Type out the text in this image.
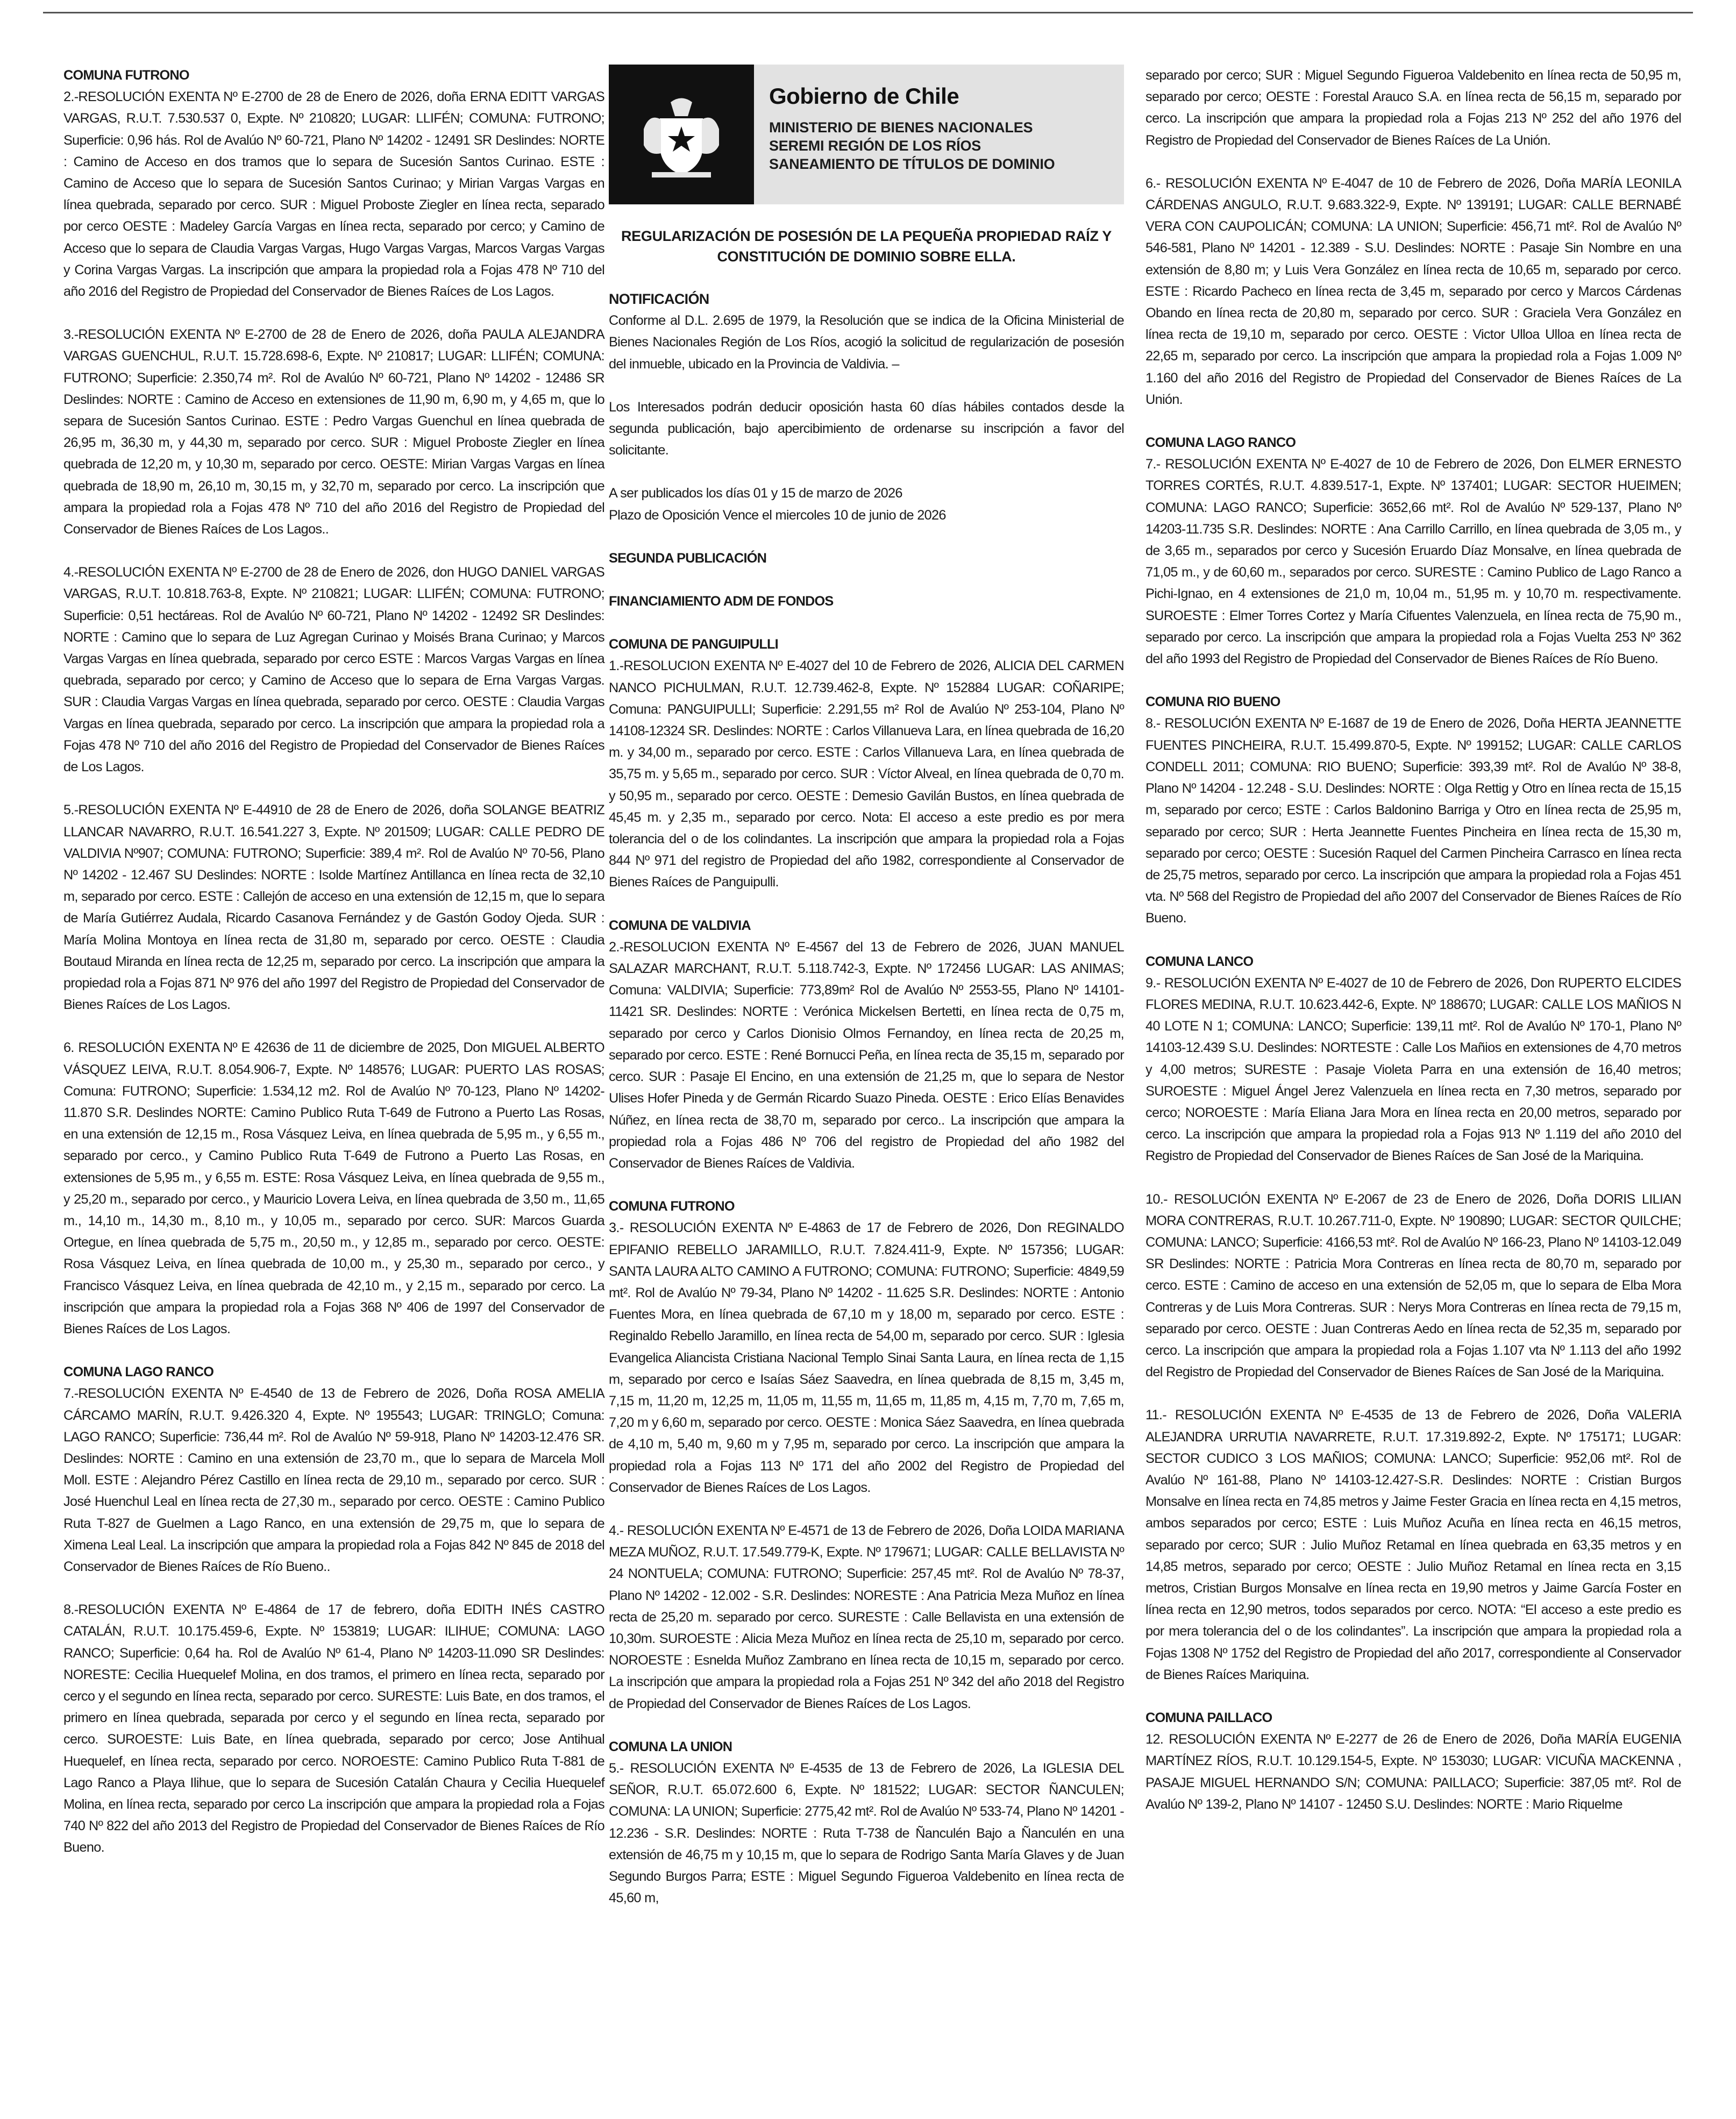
COMUNA FUTRONO

2.-RESOLUCIÓN EXENTA Nº E-2700 de 28 de Enero de 2026, doña ERNA EDITT VARGAS VARGAS, R.U.T. 7.530.537 0, Expte. Nº 210820; LUGAR: LLIFÉN; COMUNA: FUTRONO; Superficie: 0,96 hás. Rol de Avalúo Nº 60-721, Plano Nº 14202 - 12491 SR Deslindes: NORTE : Camino de Acceso en dos tramos que lo separa de Sucesión Santos Curinao. ESTE : Camino de Acceso que lo separa de Sucesión Santos Curinao; y Mirian Vargas Vargas en línea quebrada, separado por cerco. SUR : Miguel Proboste Ziegler en línea recta, separado por cerco OESTE : Madeley García Vargas en línea recta, separado por cerco; y Camino de Acceso que lo separa de Claudia Vargas Vargas, Hugo Vargas Vargas, Marcos Vargas Vargas y Corina Vargas Vargas. La inscripción que ampara la propiedad rola a Fojas 478 Nº 710 del año 2016 del Registro de Propiedad del Conservador de Bienes Raíces de Los Lagos.

3.-RESOLUCIÓN EXENTA Nº E-2700 de 28 de Enero de 2026, doña PAULA ALEJANDRA VARGAS GUENCHUL, R.U.T. 15.728.698-6, Expte. Nº 210817; LUGAR: LLIFÉN; COMUNA: FUTRONO; Superficie: 2.350,74 m². Rol de Avalúo Nº 60-721, Plano Nº 14202 - 12486 SR Deslindes: NORTE : Camino de Acceso en extensiones de 11,90 m, 6,90 m, y 4,65 m, que lo separa de Sucesión Santos Curinao. ESTE : Pedro Vargas Guenchul en línea quebrada de 26,95 m, 36,30 m, y 44,30 m, separado por cerco. SUR : Miguel Proboste Ziegler en línea quebrada de 12,20 m, y 10,30 m, separado por cerco. OESTE: Mirian Vargas Vargas en línea quebrada de 18,90 m, 26,10 m, 30,15 m, y 32,70 m, separado por cerco. La inscripción que ampara la propiedad rola a Fojas 478 Nº 710 del año 2016 del Registro de Propiedad del Conservador de Bienes Raíces de Los Lagos..

4.-RESOLUCIÓN EXENTA Nº E-2700 de 28 de Enero de 2026, don HUGO DANIEL VARGAS VARGAS, R.U.T. 10.818.763-8, Expte. Nº 210821; LUGAR: LLIFÉN; COMUNA: FUTRONO; Superficie: 0,51 hectáreas. Rol de Avalúo Nº 60-721, Plano Nº 14202 - 12492 SR Deslindes: NORTE : Camino que lo separa de Luz Agregan Curinao y Moisés Brana Curinao; y Marcos Vargas Vargas en línea quebrada, separado por cerco ESTE : Marcos Vargas Vargas en línea quebrada, separado por cerco; y Camino de Acceso que lo separa de Erna Vargas Vargas. SUR : Claudia Vargas Vargas en línea quebrada, separado por cerco. OESTE : Claudia Vargas Vargas en línea quebrada, separado por cerco. La inscripción que ampara la propiedad rola a Fojas 478 Nº 710 del año 2016 del Registro de Propiedad del Conservador de Bienes Raíces de Los Lagos.

5.-RESOLUCIÓN EXENTA Nº E-44910 de 28 de Enero de 2026, doña SOLANGE BEATRIZ LLANCAR NAVARRO, R.U.T. 16.541.227 3, Expte. Nº 201509; LUGAR: CALLE PEDRO DE VALDIVIA Nº907; COMUNA: FUTRONO; Superficie: 389,4 m². Rol de Avalúo Nº 70-56, Plano Nº 14202 - 12.467 SU Deslindes: NORTE : Isolde Martínez Antillanca en línea recta de 32,10 m, separado por cerco. ESTE : Callejón de acceso en una extensión de 12,15 m, que lo separa de María Gutiérrez Audala, Ricardo Casanova Fernández y de Gastón Godoy Ojeda. SUR : María Molina Montoya en línea recta de 31,80 m, separado por cerco. OESTE : Claudia Boutaud Miranda en línea recta de 12,25 m, separado por cerco. La inscripción que ampara la propiedad rola a Fojas 871 Nº 976 del año 1997 del Registro de Propiedad del Conservador de Bienes Raíces de Los Lagos.

6. RESOLUCIÓN EXENTA Nº E 42636 de 11 de diciembre de 2025, Don MIGUEL ALBERTO VÁSQUEZ LEIVA, R.U.T. 8.054.906-7, Expte. Nº 148576; LUGAR: PUERTO LAS ROSAS; Comuna: FUTRONO; Superficie: 1.534,12 m2. Rol de Avalúo Nº 70-123, Plano Nº 14202-11.870 S.R. Deslindes NORTE: Camino Publico Ruta T-649 de Futrono a Puerto Las Rosas, en una extensión de 12,15 m., Rosa Vásquez Leiva, en línea quebrada de 5,95 m., y 6,55 m., separado por cerco., y Camino Publico Ruta T-649 de Futrono a Puerto Las Rosas, en extensiones de 5,95 m., y 6,55 m. ESTE: Rosa Vásquez Leiva, en línea quebrada de 9,55 m., y 25,20 m., separado por cerco., y Mauricio Lovera Leiva, en línea quebrada de 3,50 m., 11,65 m., 14,10 m., 14,30 m., 8,10 m., y 10,05 m., separado por cerco. SUR: Marcos Guarda Ortegue, en línea quebrada de 5,75 m., 20,50 m., y 12,85 m., separado por cerco. OESTE: Rosa Vásquez Leiva, en línea quebrada de 10,00 m., y 25,30 m., separado por cerco., y Francisco Vásquez Leiva, en línea quebrada de 42,10 m., y 2,15 m., separado por cerco. La inscripción que ampara la propiedad rola a Fojas 368 Nº 406 de 1997 del Conservador de Bienes Raíces de Los Lagos.

COMUNA LAGO RANCO

7.-RESOLUCIÓN EXENTA Nº E-4540 de 13 de Febrero de 2026, Doña ROSA AMELIA CÁRCAMO MARÍN, R.U.T. 9.426.320 4, Expte. Nº 195543; LUGAR: TRINGLO; Comuna: LAGO RANCO; Superficie: 736,44 m². Rol de Avalúo Nº 59-918, Plano Nº 14203-12.476 SR. Deslindes: NORTE : Camino en una extensión de 23,70 m., que lo separa de Marcela Moll Moll. ESTE : Alejandro Pérez Castillo en línea recta de 29,10 m., separado por cerco. SUR : José Huenchul Leal en línea recta de 27,30 m., separado por cerco. OESTE : Camino Publico Ruta T-827 de Guelmen a Lago Ranco, en una extensión de 29,75 m, que lo separa de Ximena Leal Leal. La inscripción que ampara la propiedad rola a Fojas 842 Nº 845 de 2018 del Conservador de Bienes Raíces de Río Bueno..

8.-RESOLUCIÓN EXENTA Nº E-4864 de 17 de febrero, doña EDITH INÉS CASTRO CATALÁN, R.U.T. 10.175.459-6, Expte. Nº 153819; LUGAR: ILIHUE; COMUNA: LAGO RANCO; Superficie: 0,64 ha. Rol de Avalúo Nº 61-4, Plano Nº 14203-11.090 SR Deslindes: NORESTE: Cecilia Huequelef Molina, en dos tramos, el primero en línea recta, separado por cerco y el segundo en línea recta, separado por cerco. SURESTE: Luis Bate, en dos tramos, el primero en línea quebrada, separada por cerco y el segundo en línea recta, separado por cerco. SUROESTE: Luis Bate, en línea quebrada, separado por cerco; Jose Antihual Huequelef, en línea recta, separado por cerco. NOROESTE: Camino Publico Ruta T-881 de Lago Ranco a Playa Ilihue, que lo separa de Sucesión Catalán Chaura y Cecilia Huequelef Molina, en línea recta, separado por cerco La inscripción que ampara la propiedad rola a Fojas 740 Nº 822 del año 2013 del Registro de Propiedad del Conservador de Bienes Raíces de Río Bueno.

Gobierno de Chile
MINISTERIO DE BIENES NACIONALES
SEREMI REGIÓN DE LOS RÍOS
SANEAMIENTO DE TÍTULOS DE DOMINIO
REGULARIZACIÓN DE POSESIÓN DE LA PEQUEÑA PROPIEDAD RAÍZ Y CONSTITUCIÓN DE DOMINIO SOBRE ELLA.

NOTIFICACIÓN

Conforme al D.L. 2.695 de 1979, la Resolución que se indica de la Oficina Ministerial de Bienes Nacionales Región de Los Ríos, acogió la solicitud de regularización de posesión del inmueble, ubicado en la Provincia de Valdivia. –

Los Interesados podrán deducir oposición hasta 60 días hábiles contados desde la segunda publicación, bajo apercibimiento de ordenarse su inscripción a favor del solicitante.

A ser publicados los días 01 y 15 de marzo de 2026

Plazo de Oposición Vence el miercoles 10 de junio de 2026

SEGUNDA PUBLICACIÓN

FINANCIAMIENTO ADM DE FONDOS

COMUNA DE PANGUIPULLI

1.-RESOLUCION EXENTA Nº E-4027 del 10 de Febrero de 2026, ALICIA DEL CARMEN NANCO PICHULMAN, R.U.T. 12.739.462-8, Expte. Nº 152884 LUGAR: COÑARIPE; Comuna: PANGUIPULLI; Superficie: 2.291,55 m² Rol de Avalúo Nº 253-104, Plano Nº 14108-12324 SR. Deslindes: NORTE : Carlos Villanueva Lara, en línea quebrada de 16,20 m. y 34,00 m., separado por cerco. ESTE : Carlos Villanueva Lara, en línea quebrada de 35,75 m. y 5,65 m., separado por cerco. SUR : Víctor Alveal, en línea quebrada de 0,70 m. y 50,95 m., separado por cerco. OESTE : Demesio Gavilán Bustos, en línea quebrada de 45,45 m. y 2,35 m., separado por cerco. Nota: El acceso a este predio es por mera tolerancia del o de los colindantes. La inscripción que ampara la propiedad rola a Fojas 844 Nº 971 del registro de Propiedad del año 1982, correspondiente al Conservador de Bienes Raíces de Panguipulli.

COMUNA DE VALDIVIA

2.-RESOLUCION EXENTA Nº E-4567 del 13 de Febrero de 2026, JUAN MANUEL SALAZAR MARCHANT, R.U.T. 5.118.742-3, Expte. Nº 172456 LUGAR: LAS ANIMAS; Comuna: VALDIVIA; Superficie: 773,89m² Rol de Avalúo Nº 2553-55, Plano Nº 14101-11421 SR. Deslindes: NORTE : Verónica Mickelsen Bertetti, en línea recta de 0,75 m, separado por cerco y Carlos Dionisio Olmos Fernandoy, en línea recta de 20,25 m, separado por cerco. ESTE : René Bornucci Peña, en línea recta de 35,15 m, separado por cerco. SUR : Pasaje El Encino, en una extensión de 21,25 m, que lo separa de Nestor Ulises Hofer Pineda y de Germán Ricardo Suazo Pineda. OESTE : Erico Elías Benavides Núñez, en línea recta de 38,70 m, separado por cerco.. La inscripción que ampara la propiedad rola a Fojas 486 Nº 706 del registro de Propiedad del año 1982 del Conservador de Bienes Raíces de Valdivia.

COMUNA FUTRONO

3.- RESOLUCIÓN EXENTA Nº E-4863 de 17 de Febrero de 2026, Don REGINALDO EPIFANIO REBELLO JARAMILLO, R.U.T. 7.824.411-9, Expte. Nº 157356; LUGAR: SANTA LAURA ALTO CAMINO A FUTRONO; COMUNA: FUTRONO; Superficie: 4849,59 mt². Rol de Avalúo Nº 79-34, Plano Nº 14202 - 11.625 S.R. Deslindes: NORTE : Antonio Fuentes Mora, en línea quebrada de 67,10 m y 18,00 m, separado por cerco. ESTE : Reginaldo Rebello Jaramillo, en línea recta de 54,00 m, separado por cerco. SUR : Iglesia Evangelica Aliancista Cristiana Nacional Templo Sinai Santa Laura, en línea recta de 1,15 m, separado por cerco e Isaías Sáez Saavedra, en línea quebrada de 8,15 m, 3,45 m, 7,15 m, 11,20 m, 12,25 m, 11,05 m, 11,55 m, 11,65 m, 11,85 m, 4,15 m, 7,70 m, 7,65 m, 7,20 m y 6,60 m, separado por cerco. OESTE : Monica Sáez Saavedra, en línea quebrada de 4,10 m, 5,40 m, 9,60 m y 7,95 m, separado por cerco. La inscripción que ampara la propiedad rola a Fojas 113 Nº 171 del año 2002 del Registro de Propiedad del Conservador de Bienes Raíces de Los Lagos.

4.- RESOLUCIÓN EXENTA Nº E-4571 de 13 de Febrero de 2026, Doña LOIDA MARIANA MEZA MUÑOZ, R.U.T. 17.549.779-K, Expte. Nº 179671; LUGAR: CALLE BELLAVISTA Nº 24 NONTUELA; COMUNA: FUTRONO; Superficie: 257,45 mt². Rol de Avalúo Nº 78-37, Plano Nº 14202 - 12.002 - S.R. Deslindes: NORESTE : Ana Patricia Meza Muñoz en línea recta de 25,20 m. separado por cerco. SURESTE : Calle Bellavista en una extensión de 10,30m. SUROESTE : Alicia Meza Muñoz en línea recta de 25,10 m, separado por cerco. NOROESTE : Esnelda Muñoz Zambrano en línea recta de 10,15 m, separado por cerco. La inscripción que ampara la propiedad rola a Fojas 251 Nº 342 del año 2018 del Registro de Propiedad del Conservador de Bienes Raíces de Los Lagos.

COMUNA LA UNION

5.- RESOLUCIÓN EXENTA Nº E-4535 de 13 de Febrero de 2026, La IGLESIA DEL SEÑOR, R.U.T. 65.072.600 6, Expte. Nº 181522; LUGAR: SECTOR ÑANCULEN; COMUNA: LA UNION; Superficie: 2775,42 mt². Rol de Avalúo Nº 533-74, Plano Nº 14201 - 12.236 - S.R. Deslindes: NORTE : Ruta T-738 de Ñanculén Bajo a Ñanculén en una extensión de 46,75 m y 10,15 m, que lo separa de Rodrigo Santa María Glaves y de Juan Segundo Burgos Parra; ESTE : Miguel Segundo Figueroa Valdebenito en línea recta de 45,60 m,

separado por cerco; SUR : Miguel Segundo Figueroa Valdebenito en línea recta de 50,95 m, separado por cerco; OESTE : Forestal Arauco S.A. en línea recta de 56,15 m, separado por cerco. La inscripción que ampara la propiedad rola a Fojas 213 Nº 252 del año 1976 del Registro de Propiedad del Conservador de Bienes Raíces de La Unión.

6.- RESOLUCIÓN EXENTA Nº E-4047 de 10 de Febrero de 2026, Doña MARÍA LEONILA CÁRDENAS ANGULO, R.U.T. 9.683.322-9, Expte. Nº 139191; LUGAR: CALLE BERNABÉ VERA CON CAUPOLICÁN; COMUNA: LA UNION; Superficie: 456,71 mt². Rol de Avalúo Nº 546-581, Plano Nº 14201 - 12.389 - S.U. Deslindes: NORTE : Pasaje Sin Nombre en una extensión de 8,80 m; y Luis Vera González en línea recta de 10,65 m, separado por cerco. ESTE : Ricardo Pacheco en línea recta de 3,45 m, separado por cerco y Marcos Cárdenas Obando en línea recta de 20,80 m, separado por cerco. SUR : Graciela Vera González en línea recta de 19,10 m, separado por cerco. OESTE : Victor Ulloa Ulloa en línea recta de 22,65 m, separado por cerco. La inscripción que ampara la propiedad rola a Fojas 1.009 Nº 1.160 del año 2016 del Registro de Propiedad del Conservador de Bienes Raíces de La Unión.

COMUNA LAGO RANCO

7.- RESOLUCIÓN EXENTA Nº E-4027 de 10 de Febrero de 2026, Don ELMER ERNESTO TORRES CORTÉS, R.U.T. 4.839.517-1, Expte. Nº 137401; LUGAR: SECTOR HUEIMEN; COMUNA: LAGO RANCO; Superficie: 3652,66 mt². Rol de Avalúo Nº 529-137, Plano Nº 14203-11.735 S.R. Deslindes: NORTE : Ana Carrillo Carrillo, en línea quebrada de 3,05 m., y de 3,65 m., separados por cerco y Sucesión Eruardo Díaz Monsalve, en línea quebrada de 71,05 m., y de 60,60 m., separados por cerco. SURESTE : Camino Publico de Lago Ranco a Pichi-Ignao, en 4 extensiones de 21,0 m, 10,04 m., 51,95 m. y 10,70 m. respectivamente. SUROESTE : Elmer Torres Cortez y María Cifuentes Valenzuela, en línea recta de 75,90 m., separado por cerco. La inscripción que ampara la propiedad rola a Fojas Vuelta 253 Nº 362 del año 1993 del Registro de Propiedad del Conservador de Bienes Raíces de Río Bueno.

COMUNA RIO BUENO

8.- RESOLUCIÓN EXENTA Nº E-1687 de 19 de Enero de 2026, Doña HERTA JEANNETTE FUENTES PINCHEIRA, R.U.T. 15.499.870-5, Expte. Nº 199152; LUGAR: CALLE CARLOS CONDELL 2011; COMUNA: RIO BUENO; Superficie: 393,39 mt². Rol de Avalúo Nº 38-8, Plano Nº 14204 - 12.248 - S.U. Deslindes: NORTE : Olga Rettig y Otro en línea recta de 15,15 m, separado por cerco; ESTE : Carlos Baldonino Barriga y Otro en línea recta de 25,95 m, separado por cerco; SUR : Herta Jeannette Fuentes Pincheira en línea recta de 15,30 m, separado por cerco; OESTE : Sucesión Raquel del Carmen Pincheira Carrasco en línea recta de 25,75 metros, separado por cerco. La inscripción que ampara la propiedad rola a Fojas 451 vta. Nº 568 del Registro de Propiedad del año 2007 del Conservador de Bienes Raíces de Río Bueno.

COMUNA LANCO

9.- RESOLUCIÓN EXENTA Nº E-4027 de 10 de Febrero de 2026, Don RUPERTO ELCIDES FLORES MEDINA, R.U.T. 10.623.442-6, Expte. Nº 188670; LUGAR: CALLE LOS MAÑIOS N 40 LOTE N 1; COMUNA: LANCO; Superficie: 139,11 mt². Rol de Avalúo Nº 170-1, Plano Nº 14103-12.439 S.U. Deslindes: NORTESTE : Calle Los Mañios en extensiones de 4,70 metros y 4,00 metros; SURESTE : Pasaje Violeta Parra en una extensión de 16,40 metros; SUROESTE : Miguel Ángel Jerez Valenzuela en línea recta en 7,30 metros, separado por cerco; NOROESTE : María Eliana Jara Mora en línea recta en 20,00 metros, separado por cerco. La inscripción que ampara la propiedad rola a Fojas 913 Nº 1.119 del año 2010 del Registro de Propiedad del Conservador de Bienes Raíces de San José de la Mariquina.

10.- RESOLUCIÓN EXENTA Nº E-2067 de 23 de Enero de 2026, Doña DORIS LILIAN MORA CONTRERAS, R.U.T. 10.267.711-0, Expte. Nº 190890; LUGAR: SECTOR QUILCHE; COMUNA: LANCO; Superficie: 4166,53 mt². Rol de Avalúo Nº 166-23, Plano Nº 14103-12.049 SR Deslindes: NORTE : Patricia Mora Contreras en línea recta de 80,70 m, separado por cerco. ESTE : Camino de acceso en una extensión de 52,05 m, que lo separa de Elba Mora Contreras y de Luis Mora Contreras. SUR : Nerys Mora Contreras en línea recta de 79,15 m, separado por cerco. OESTE : Juan Contreras Aedo en línea recta de 52,35 m, separado por cerco. La inscripción que ampara la propiedad rola a Fojas 1.107 vta Nº 1.113 del año 1992 del Registro de Propiedad del Conservador de Bienes Raíces de San José de la Mariquina.

11.- RESOLUCIÓN EXENTA Nº E-4535 de 13 de Febrero de 2026, Doña VALERIA ALEJANDRA URRUTIA NAVARRETE, R.U.T. 17.319.892-2, Expte. Nº 175171; LUGAR: SECTOR CUDICO 3 LOS MAÑIOS; COMUNA: LANCO; Superficie: 952,06 mt². Rol de Avalúo Nº 161-88, Plano Nº 14103-12.427-S.R. Deslindes: NORTE : Cristian Burgos Monsalve en línea recta en 74,85 metros y Jaime Fester Gracia en línea recta en 4,15 metros, ambos separados por cerco; ESTE : Luis Muñoz Acuña en línea recta en 46,15 metros, separado por cerco; SUR : Julio Muñoz Retamal en línea quebrada en 63,35 metros y en 14,85 metros, separado por cerco; OESTE : Julio Muñoz Retamal en línea recta en 3,15 metros, Cristian Burgos Monsalve en línea recta en 19,90 metros y Jaime García Foster en línea recta en 12,90 metros, todos separados por cerco. NOTA: “El acceso a este predio es por mera tolerancia del o de los colindantes”. La inscripción que ampara la propiedad rola a Fojas 1308 Nº 1752 del Registro de Propiedad del año 2017, correspondiente al Conservador de Bienes Raíces Mariquina.

COMUNA PAILLACO

12. RESOLUCIÓN EXENTA Nº E-2277 de 26 de Enero de 2026, Doña MARÍA EUGENIA MARTÍNEZ RÍOS, R.U.T. 10.129.154-5, Expte. Nº 153030; LUGAR: VICUÑA MACKENNA , PASAJE MIGUEL HERNANDO S/N; COMUNA: PAILLACO; Superficie: 387,05 mt². Rol de Avalúo Nº 139-2, Plano Nº 14107 - 12450 S.U. Deslindes: NORTE : Mario Riquelme
